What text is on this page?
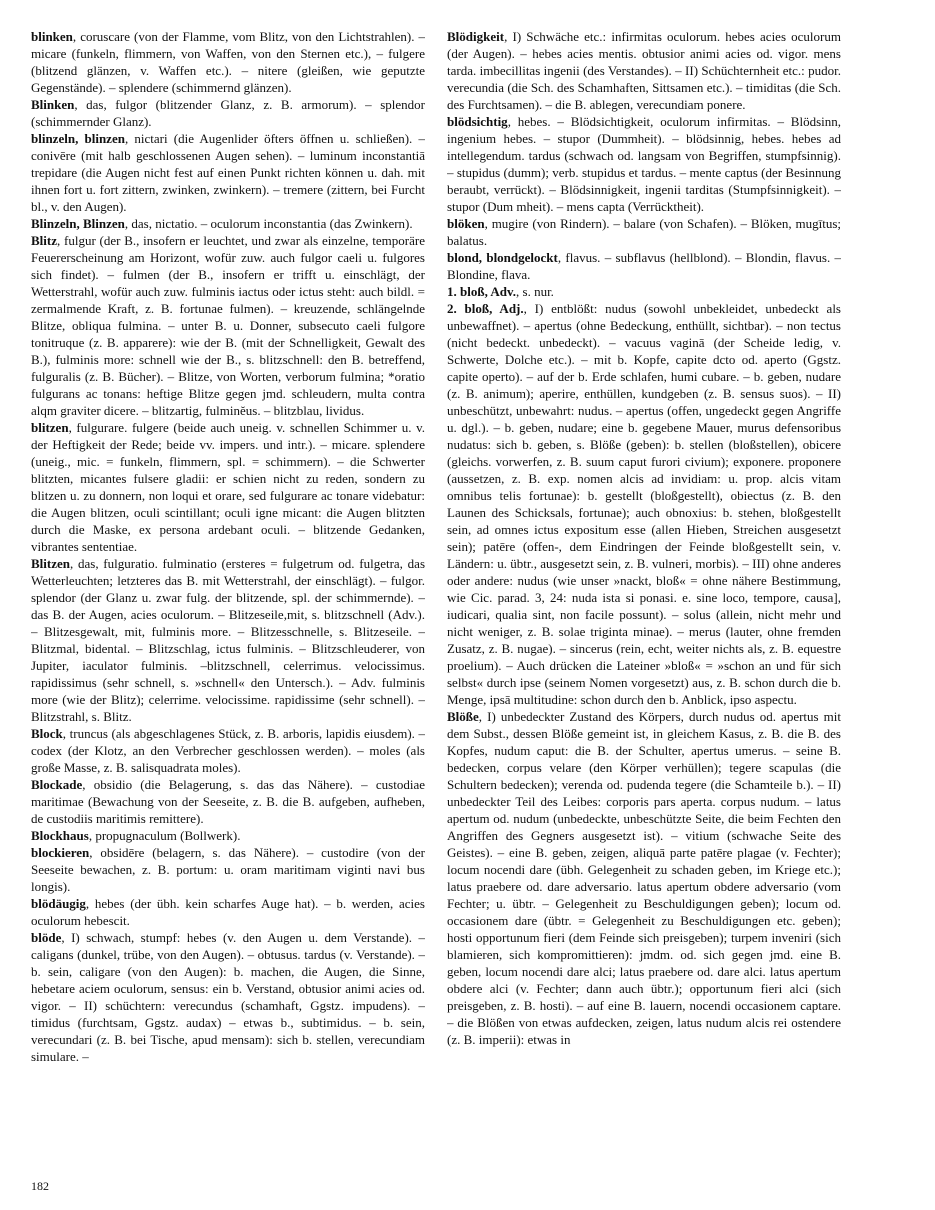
blinken, coruscare (von der Flamme, vom Blitz, von den Lichtstrahlen). – micare (funkeln, flimmern, von Waffen, von den Sternen etc.), – fulgere (blitzend glänzen, v. Waffen etc.). – nitere (gleißen, wie geputzte Gegenstände). – splendere (schimmernd glänzen).

Blinken, das, fulgor (blitzender Glanz, z. B. armorum). – splendor (schimmernder Glanz).

blinzeln, blinzen, nictari (die Augenlider öfters öffnen u. schließen). – conivēre (mit halb geschlossenen Augen sehen). – luminum inconstantiā trepidare (die Augen nicht fest auf einen Punkt richten können u. dah. mit ihnen fort u. fort zittern, zwinken, zwinkern). – tremere (zittern, bei Furcht bl., v. den Augen).

Blinzeln, Blinzen, das, nictatio. – oculorum inconstantia (das Zwinkern).

Blitz, fulgur (der B., insofern er leuchtet, und zwar als einzelne, temporäre Feuererscheinung am Horizont, wofür zuw. auch fulgor caeli u. fulgores sich findet). – fulmen (der B., insofern er trifft u. einschlägt, der Wetterstrahl, wofür auch zuw. fulminis iactus oder ictus steht: auch bildl. = zermalmende Kraft, z. B. fortunae fulmen). – kreuzende, schlängelnde Blitze, obliqua fulmina. – unter B. u. Donner, subsecuto caeli fulgore tonitruque (z. B. apparere): wie der B. (mit der Schnelligkeit, Gewalt des B.), fulminis more: schnell wie der B., s. blitzschnell: den B. betreffend, fulguralis (z. B. Bücher). – Blitze, von Worten, verborum fulmina; *oratio fulgurans ac tonans: heftige Blitze gegen jmd. schleudern, multa contra alqm graviter dicere. – blitzartig, fulminĕus. – blitzblau, lividus.

blitzen, fulgurare. fulgere (beide auch uneig. v. schnellen Schimmer u. v. der Heftigkeit der Rede; beide vv. impers. und intr.). – micare. splendere (uneig., mic. = funkeln, flimmern, spl. = schimmern). – die Schwerter blitzten, micantes fulsere gladii: er schien nicht zu reden, sondern zu blitzen u. zu donnern, non loqui et orare, sed fulgurare ac tonare videbatur: die Augen blitzen, oculi scintillant; oculi igne micant: die Augen blitzten durch die Maske, ex persona ardebant oculi. – blitzende Gedanken, vibrantes sententiae.

Blitzen, das, fulguratio. fulminatio (ersteres = fulgetrum od. fulgetra, das Wetterleuchten; letzteres das B. mit Wetterstrahl, der einschlägt). – fulgor. splendor (der Glanz u. zwar fulg. der blitzende, spl. der schimmernde). – das B. der Augen, acies oculorum. – Blitzeseile,mit, s. blitzschnell (Adv.). – Blitzesgewalt, mit, fulminis more. – Blitzesschnelle, s. Blitzeseile. – Blitzmal, bidental. – Blitzschlag, ictus fulminis. – Blitzschleuderer, von Jupiter, iaculator fulminis. –blitzschnell, celerrimus. velocissimus. rapidissimus (sehr schnell, s. »schnell« den Untersch.). – Adv. fulminis more (wie der Blitz); celerrime. velocissime. rapidissime (sehr schnell). – Blitzstrahl, s. Blitz.

Block, truncus (als abgeschlagenes Stück, z. B. arboris, lapidis eiusdem). – codex (der Klotz, an den Verbrecher geschlossen werden). – moles (als große Masse, z. B. salisquadrata moles).

Blockade, obsidio (die Belagerung, s. das das Nähere). – custodiae maritimae (Bewachung von der Seeseite, z. B. die B. aufgeben, aufheben, de custodiis maritimis remittere).

Blockhaus, propugnaculum (Bollwerk).

blockieren, obsidēre (belagern, s. das Nähere). – custodire (von der Seeseite bewachen, z. B. portum: u. oram maritimam viginti navi bus longis).

blödäugig, hebes (der übh. kein scharfes Auge hat). – b. werden, acies oculorum hebescit.

blöde, I) schwach, stumpf: hebes (v. den Augen u. dem Verstande). – caligans (dunkel, trübe, von den Augen). – obtusus. tardus (v. Verstande). – b. sein, caligare (von den Augen): b. machen, die Augen, die Sinne, hebetare aciem oculorum, sensus: ein b. Verstand, obtusior animi acies od. vigor. – II) schüchtern: verecundus (schamhaft, Ggstz. impudens). – timidus (furchtsam, Ggstz. audax) – etwas b., subtimidus. – b. sein, verecundari (z. B. bei Tische, apud mensam): sich b. stellen, verecundiam simulare. –

Blödigkeit, I) Schwäche etc.: infirmitas oculorum. hebes acies oculorum (der Augen). – hebes acies mentis. obtusior animi acies od. vigor. mens tarda. imbecillitas ingenii (des Verstandes). – II) Schüchternheit etc.: pudor. verecundia (die Sch. des Schamhaften, Sittsamen etc.). – timiditas (die Sch. des Furchtsamen). – die B. ablegen, verecundiam ponere.

blödsichtig, hebes. – Blödsichtigkeit, oculorum infirmitas. – Blödsinn, ingenium hebes. – stupor (Dummheit). – blödsinnig, hebes. hebes ad intellegendum. tardus (schwach od. langsam von Begriffen, stumpfsinnig). – stupidus (dumm); verb. stupidus et tardus. – mente captus (der Besinnung beraubt, verrückt). – Blödsinnigkeit, ingenii tarditas (Stumpfsinnigkeit). – stupor (Dum mheit). – mens capta (Verrücktheit).

blöken, mugire (von Rindern). – balare (von Schafen). – Blöken, mugītus; balatus.

blond, blondgelockt, flavus. – subflavus (hellblond). – Blondin, flavus. – Blondine, flava.

1. bloß, Adv., s. nur.

2. bloß, Adj., I) entblößt: nudus (sowohl unbekleidet, unbedeckt als unbewaffnet). – apertus (ohne Bedeckung, enthüllt, sichtbar). – non tectus (nicht bedeckt. unbedeckt). – vacuus vaginā (der Scheide ledig, v. Schwerte, Dolche etc.). – mit b. Kopfe, capite dcto od. aperto (Ggstz. capite operto). – auf der b. Erde schlafen, humi cubare. – b. geben, nudare (z. B. animum); aperire, enthüllen, kundgeben (z. B. sensus suos). – II) unbeschützt, unbewahrt: nudus. – apertus (offen, ungedeckt gegen Angriffe u. dgl.). – b. geben, nudare; eine b. gegebene Mauer, murus defensoribus nudatus: sich b. geben, s. Blöße (geben): b. stellen (bloßstellen), obicere (gleichs. vorwerfen, z. B. suum caput furori civium); exponere. proponere (aussetzen, z. B. exp. nomen alcis ad invidiam: u. prop. alcis vitam omnibus telis fortunae): b. gestellt (bloßgestellt), obiectus (z. B. den Launen des Schicksals, fortunae); auch obnoxius: b. stehen, bloßgestellt sein, ad omnes ictus expositum esse (allen Hieben, Streichen ausgesetzt sein); patēre (offen-, dem Eindringen der Feinde bloßgestellt sein, v. Ländern: u. übtr., ausgesetzt sein, z. B. vulneri, morbis). – III) ohne anderes oder andere: nudus (wie unser »nackt, bloß« = ohne nähere Bestimmung, wie Cic. parad. 3, 24: nuda ista si ponasi. e. sine loco, tempore, causa], iudicari, qualia sint, non facile possunt). – solus (allein, nicht mehr und nicht weniger, z. B. solae triginta minae). – merus (lauter, ohne fremden Zusatz, z. B. nugae). – sincerus (rein, echt, weiter nichts als, z. B. equestre proelium). – Auch drücken die Lateiner »bloß« = »schon an und für sich selbst« durch ipse (seinem Nomen vorgesetzt) aus, z. B. schon durch die b. Menge, ipsā multitudine: schon durch den b. Anblick, ipso aspectu.

Blöße, I) unbedeckter Zustand des Körpers, durch nudus od. apertus mit dem Subst., dessen Blöße gemeint ist, in gleichem Kasus, z. B. die B. des Kopfes, nudum caput: die B. der Schulter, apertus umerus. – seine B. bedecken, corpus velare (den Körper verhüllen); tegere scapulas (die Schultern bedecken); verenda od. pudenda tegere (die Schamteile b.). – II) unbedeckter Teil des Leibes: corporis pars aperta. corpus nudum. – latus apertum od. nudum (unbedeckte, unbeschützte Seite, die beim Fechten den Angriffen des Gegners ausgesetzt ist). – vitium (schwache Seite des Geistes). – eine B. geben, zeigen, aliquā parte patēre plagae (v. Fechter); locum nocendi dare (übh. Gelegenheit zu schaden geben, im Kriege etc.); latus praebere od. dare adversario. latus apertum obdere adversario (vom Fechter; u. übtr. – Gelegenheit zu Beschuldigungen geben); locum od. occasionem dare (übtr. = Gelegenheit zu Beschuldigungen etc. geben); hosti opportunum fieri (dem Feinde sich preisgeben); turpem inveniri (sich blamieren, sich kompromittieren): jmdm. od. sich gegen jmd. eine B. geben, locum nocendi dare alci; latus praebere od. dare alci. latus apertum obdere alci (v. Fechter; dann auch übtr.); opportunum fieri alci (sich preisgeben, z. B. hosti). – auf eine B. lauern, nocendi occasionem captare. – die Blößen von etwas aufdecken, zeigen, latus nudum alcis rei ostendere (z. B. imperii): etwas in

182
